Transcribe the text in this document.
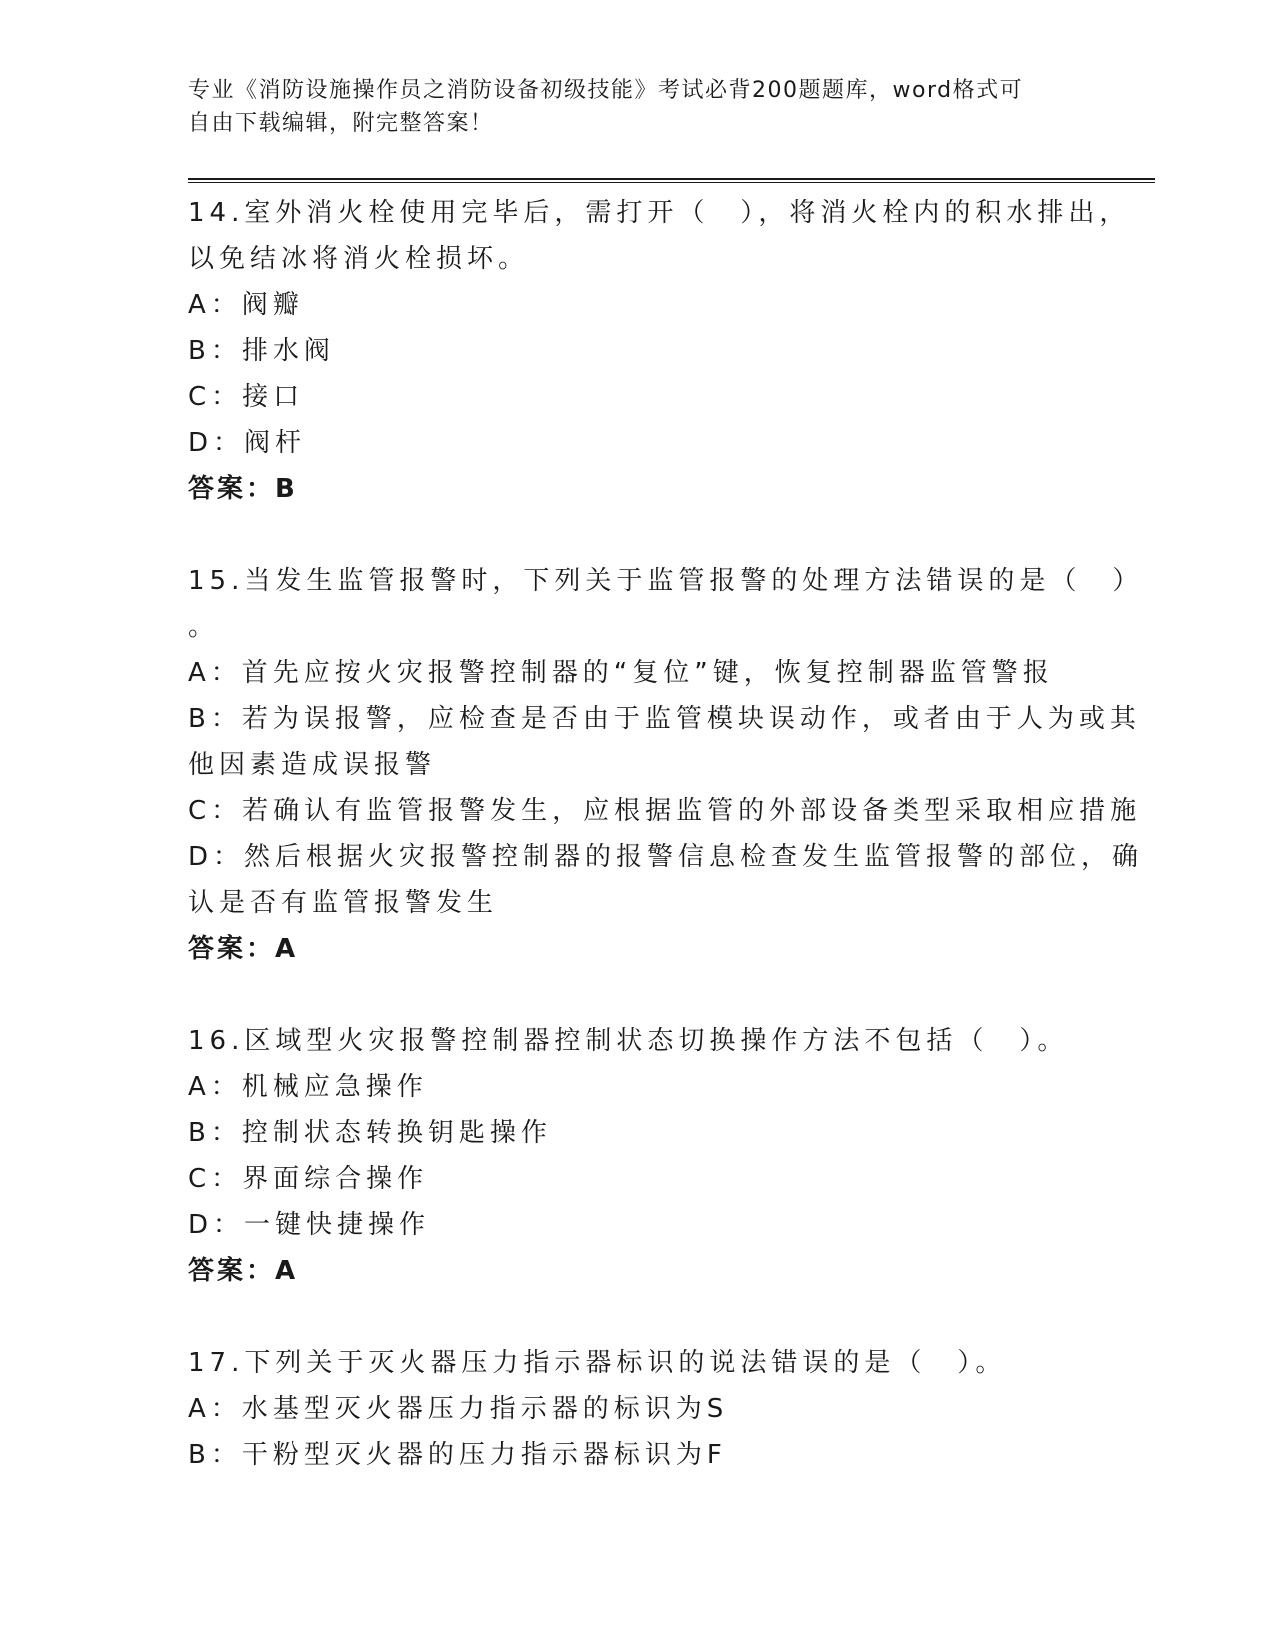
专业《消防设施操作员之消防设备初级技能》考试必背200题题库，word格式可
自由下载编辑，附完整答案！
14.室外消火栓使用完毕后，需打开（　），将消火栓内的积水排出，
以免结冰将消火栓损坏。
A：阀瓣
B：排水阀
C：接口
D：阀杆
答案：B
15.当发生监管报警时，下列关于监管报警的处理方法错误的是（　）
。
A：首先应按火灾报警控制器的“复位”键，恢复控制器监管警报
B：若为误报警，应检查是否由于监管模块误动作，或者由于人为或其
他因素造成误报警
C：若确认有监管报警发生，应根据监管的外部设备类型采取相应措施
D：然后根据火灾报警控制器的报警信息检查发生监管报警的部位，确
认是否有监管报警发生
答案：A
16.区域型火灾报警控制器控制状态切换操作方法不包括（　）。
A：机械应急操作
B：控制状态转换钥匙操作
C：界面综合操作
D：一键快捷操作
答案：A
17.下列关于灭火器压力指示器标识的说法错误的是（　）。
A：水基型灭火器压力指示器的标识为S
B：干粉型灭火器的压力指示器标识为F
